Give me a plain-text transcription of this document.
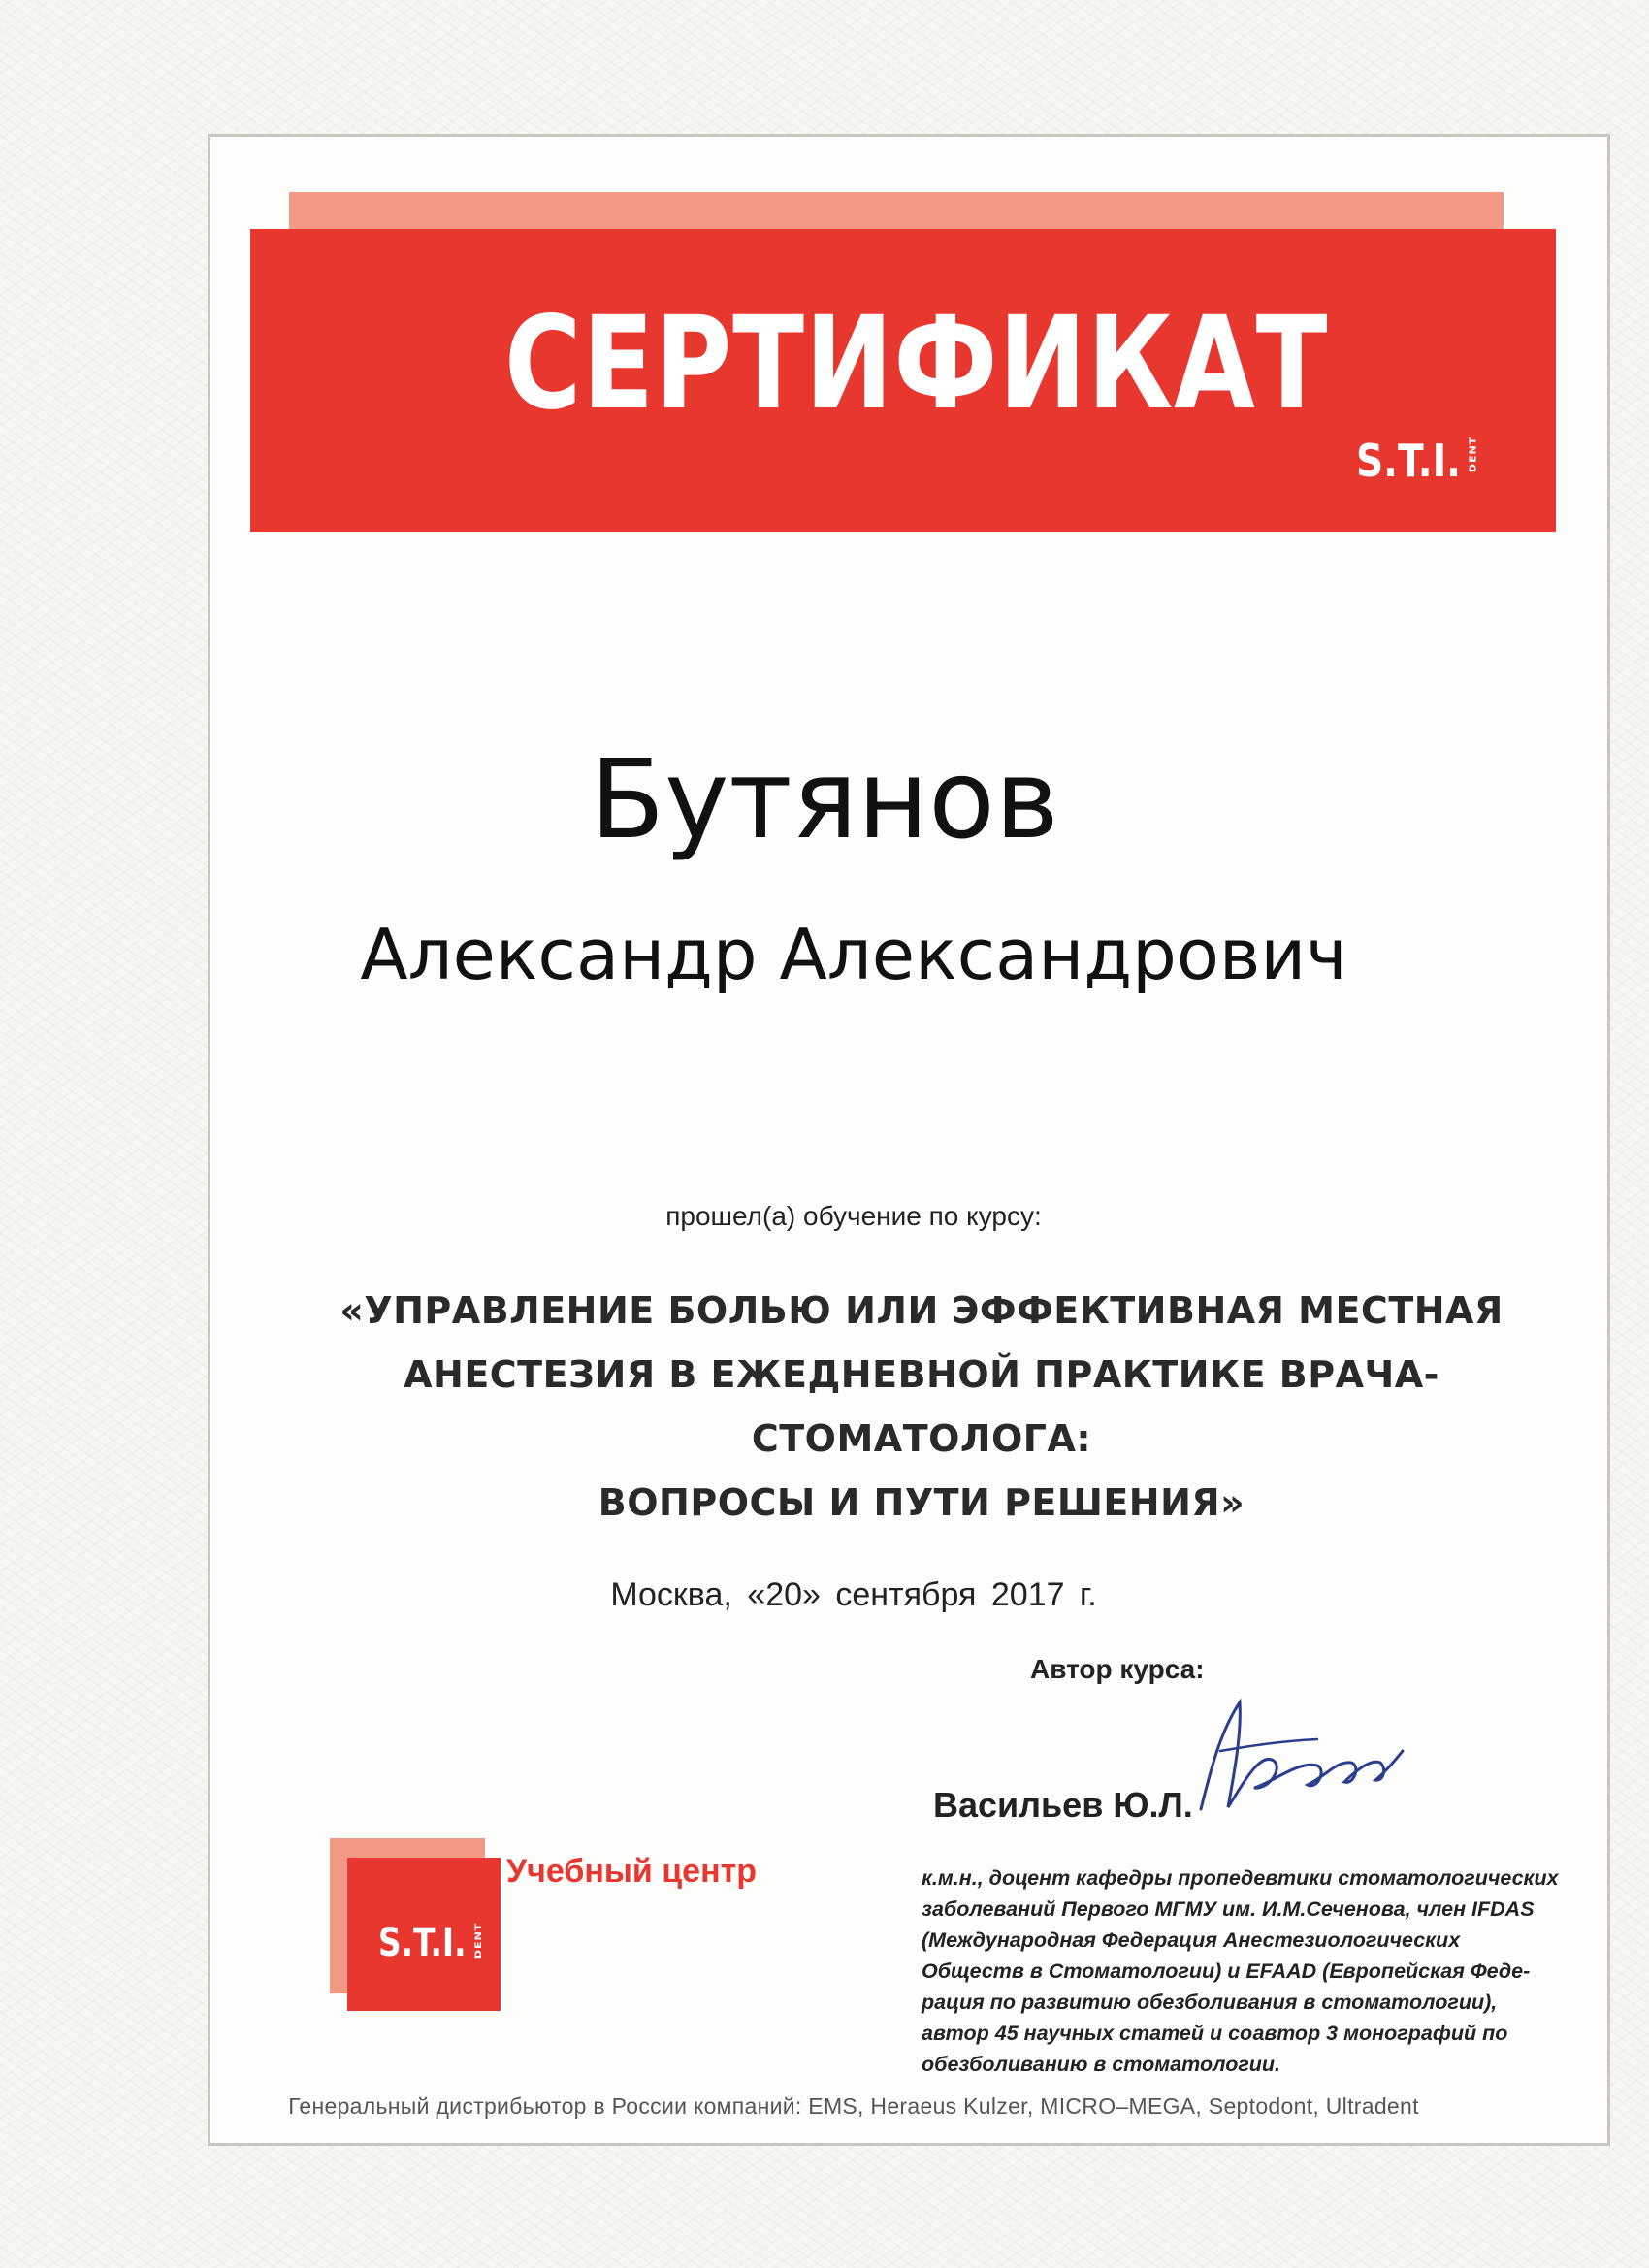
СЕРТИФИКАТ
S.T.I. DENT
Бутянов
Александр Александрович
прошел(а) обучение по курсу:
«УПРАВЛЕНИЕ БОЛЬЮ ИЛИ ЭФФЕКТИВНАЯ МЕСТНАЯ
АНЕСТЕЗИЯ В ЕЖЕДНЕВНОЙ ПРАКТИКЕ ВРАЧА-СТОМАТОЛОГА:
ВОПРОСЫ И ПУТИ РЕШЕНИЯ»
Москва, «20» сентября 2017 г.
Автор курса:
Васильев Ю.Л.
S.T.I. DENT
Учебный центр	к.м.н., доцент кафедры пропедевтики стоматологических
заболеваний Первого МГМУ им. И.М.Сеченова, член IFDAS
(Международная Федерация Анестезиологических
Обществ в Стоматологии) и EFAAD (Европейская Феде-
рация по развитию обезболивания в стоматологии),
автор 45 научных статей и соавтор 3 монографий по
обезболиванию в стоматологии.
Генеральный дистрибьютор в России компаний: EMS, Heraeus Kulzer, MICRO–MEGA, Septodont, Ultradent
